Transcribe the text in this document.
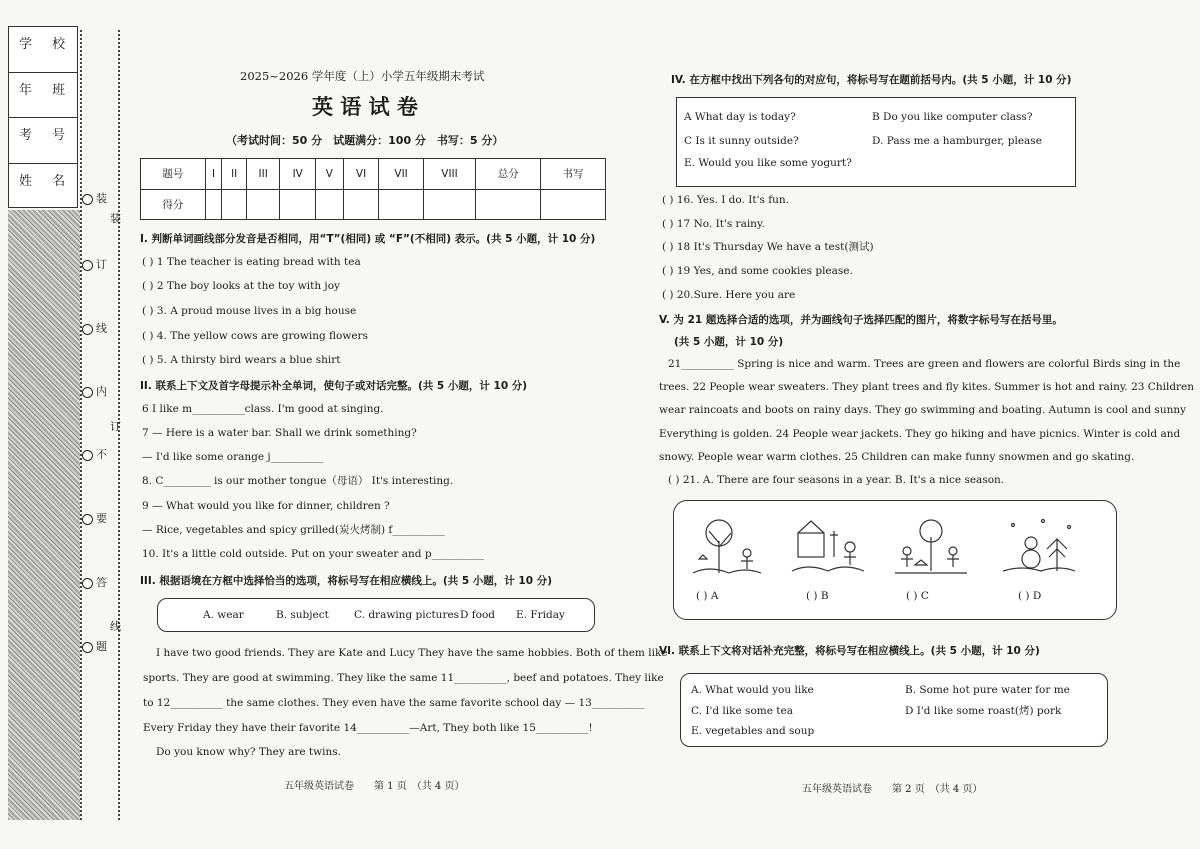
学 校
年 班
考 号
姓 名
装
订
线
内
不
要
答
题
装
订
线
2025~2026 学年度（上）小学五年级期末考试
英 语 试 卷
（考试时间：50 分　试题满分：100 分　书写：5 分）
题号	I	II	III	IV	V	VI	VII	VIII	总分	书写
得分										
I. 判断单词画线部分发音是否相同，用“T”(相同) 或 “F”(不相同) 表示。(共 5 小题，计 10 分)
( ) 1 The teacher is eating bread with tea
( ) 2 The boy looks at the toy with joy
( ) 3. A proud mouse lives in a big house
( ) 4. The yellow cows are growing flowers
( ) 5. A thirsty bird wears a blue shirt
II. 联系上下文及首字母提示补全单词，使句子或对话完整。(共 5 小题，计 10 分)
6 I like m__________class. I'm good at singing.
7 — Here is a water bar. Shall we drink something?
— I'd like some orange j__________
8. C_________ is our mother tongue（母语） It's interesting.
9 — What would you like for dinner, children ?
— Rice, vegetables and spicy grilled(炭火烤制) f__________
10. It's a little cold outside. Put on your sweater and p__________
III. 根据语境在方框中选择恰当的选项，将标号写在相应横线上。(共 5 小题，计 10 分)
A. wear	B. subject C. drawing pictures D food E. Friday
I have two good friends. They are Kate and Lucy They have the same hobbies. Both of them like
sports. They are good at swimming. They like the same 11__________, beef and potatoes. They like
to 12__________ the same clothes. They even have the same favorite school day — 13__________
Every Friday they have their favorite 14__________—Art, They both like 15__________!
Do you know why? They are twins.
五年级英语试卷　　第 1 页　（共 4 页）
IV. 在方框中找出下列各句的对应句，将标号写在题前括号内。(共 5 小题，计 10 分)
A What day is today?	B Do you like computer class?
C Is it sunny outside?	D. Pass me a hamburger, please
E. Would you like some yogurt?
( ) 16. Yes. I do. It's fun.
( ) 17 No. It's rainy.
( ) 18 It's Thursday We have a test(测试)
( ) 19 Yes, and some cookies please.
( ) 20.Sure. Here you are
V. 为 21 题选择合适的选项，并为画线句子选择匹配的图片，将数字标号写在括号里。
(共 5 小题，计 10 分)
21__________ Spring is nice and warm. Trees are green and flowers are colorful Birds sing in the
trees. 22 People wear sweaters. They plant trees and fly kites. Summer is hot and rainy. 23 Children
wear raincoats and boots on rainy days. They go swimming and boating. Autumn is cool and sunny
Everything is golden. 24 People wear jackets. They go hiking and have picnics. Winter is cold and
snowy. People wear warm clothes. 25 Children can make funny snowmen and go skating.
( ) 21. A. There are four seasons in a year. B. It's a nice season.
( ) A	( ) B	( ) C	( ) D
VI. 联系上下文将对话补充完整，将标号写在相应横线上。(共 5 小题，计 10 分)
A. What would you like	B. Some hot pure water for me
C. I'd like some tea	D I'd like some roast(烤) pork
E. vegetables and soup
五年级英语试卷　　第 2 页　（共 4 页）
